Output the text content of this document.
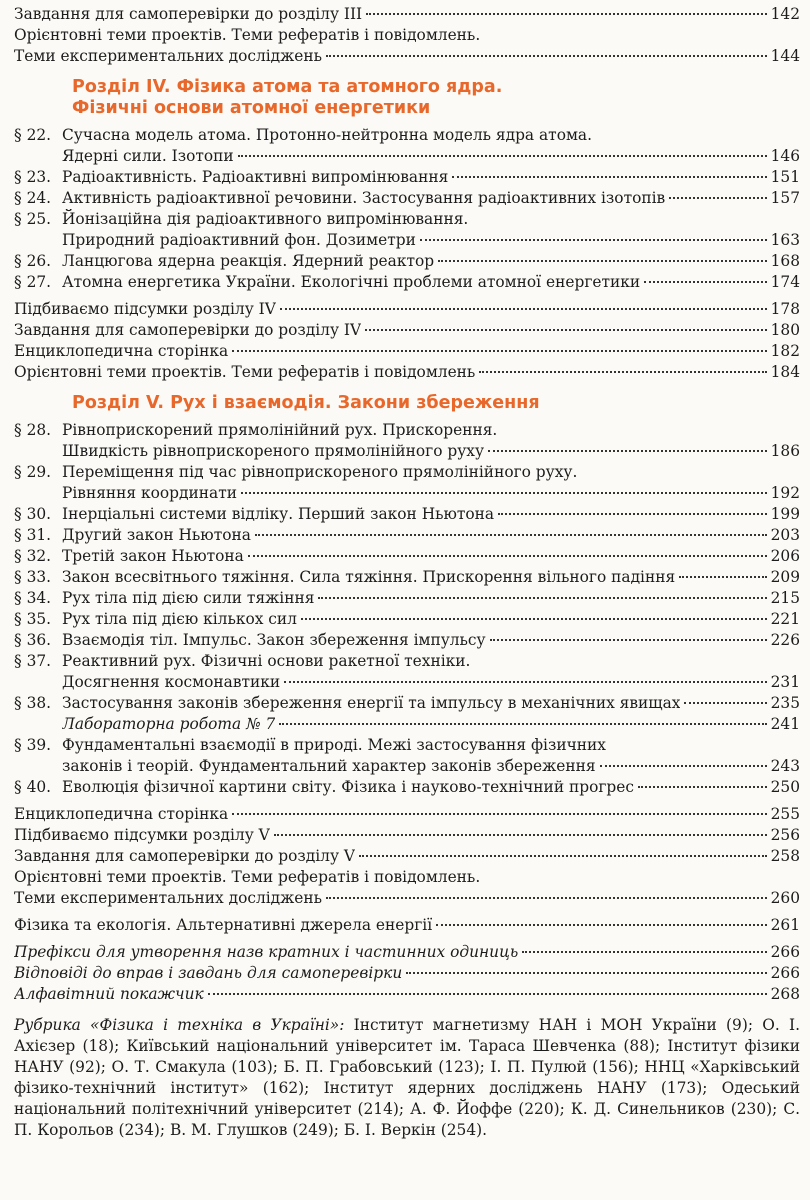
Завдання для самоперевірки до розділу III	142
Орієнтовні теми проектів. Теми рефератів і повідомлень.
Теми експериментальних досліджень	144
Розділ IV. Фізика атома та атомного ядра.
Фізичні основи атомної енергетики
§ 22. Сучасна модель атома. Протонно-нейтронна модель ядра атома.
Ядерні сили. Ізотопи	146
§ 23. Радіоактивність. Радіоактивні випромінювання	151
§ 24. Активність радіоактивної речовини. Застосування радіоактивних ізотопів	157
§ 25. Йонізаційна дія радіоактивного випромінювання.
Природний радіоактивний фон. Дозиметри	163
§ 26. Ланцюгова ядерна реакція. Ядерний реактор	168
§ 27. Атомна енергетика України. Екологічні проблеми атомної енергетики	174
Підбиваємо підсумки розділу IV	178
Завдання для самоперевірки до розділу IV	180
Енциклопедична сторінка	182
Орієнтовні теми проектів. Теми рефератів і повідомлень	184
Розділ V. Рух і взаємодія. Закони збереження
§ 28. Рівноприскорений прямолінійний рух. Прискорення.
Швидкість рівноприскореного прямолінійного руху	186
§ 29. Переміщення під час рівноприскореного прямолінійного руху.
Рівняння координати	192
§ 30. Інерціальні системи відліку. Перший закон Ньютона	199
§ 31. Другий закон Ньютона	203
§ 32. Третій закон Ньютона	206
§ 33. Закон всесвітнього тяжіння. Сила тяжіння. Прискорення вільного падіння	209
§ 34. Рух тіла під дією сили тяжіння	215
§ 35. Рух тіла під дією кількох сил	221
§ 36. Взаємодія тіл. Імпульс. Закон збереження імпульсу	226
§ 37. Реактивний рух. Фізичні основи ракетної техніки.
Досягнення космонавтики	231
§ 38. Застосування законів збереження енергії та імпульсу в механічних явищах	235
Лабораторна робота № 7	241
§ 39. Фундаментальні взаємодії в природі. Межі застосування фізичних
законів і теорій. Фундаментальний характер законів збереження	243
§ 40. Еволюція фізичної картини світу. Фізика і науково-технічний прогрес	250
Енциклопедична сторінка	255
Підбиваємо підсумки розділу V	256
Завдання для самоперевірки до розділу V	258
Орієнтовні теми проектів. Теми рефератів і повідомлень.
Теми експериментальних досліджень	260
Фізика та екологія. Альтернативні джерела енергії	261
Префікси для утворення назв кратних і частинних одиниць	266
Відповіді до вправ і завдань для самоперевірки	266
Алфавітний покажчик	268
Рубрика «Фізика і техніка в Україні»: Інститут магнетизму НАН і МОН України (9); О. І. Ахієзер (18); Київський національний університет ім. Тараса Шевченка (88); Інститут фізики НАНУ (92); О. Т. Смакула (103); Б. П. Грабовський (123); І. П. Пулюй (156); ННЦ «Харківський фізико-технічний інститут» (162); Інститут ядерних досліджень НАНУ (173); Одеський національний політехнічний університет (214); А. Ф. Йоффе (220); К. Д. Синельников (230); С. П. Корольов (234); В. М. Глушков (249); Б. І. Веркін (254).
